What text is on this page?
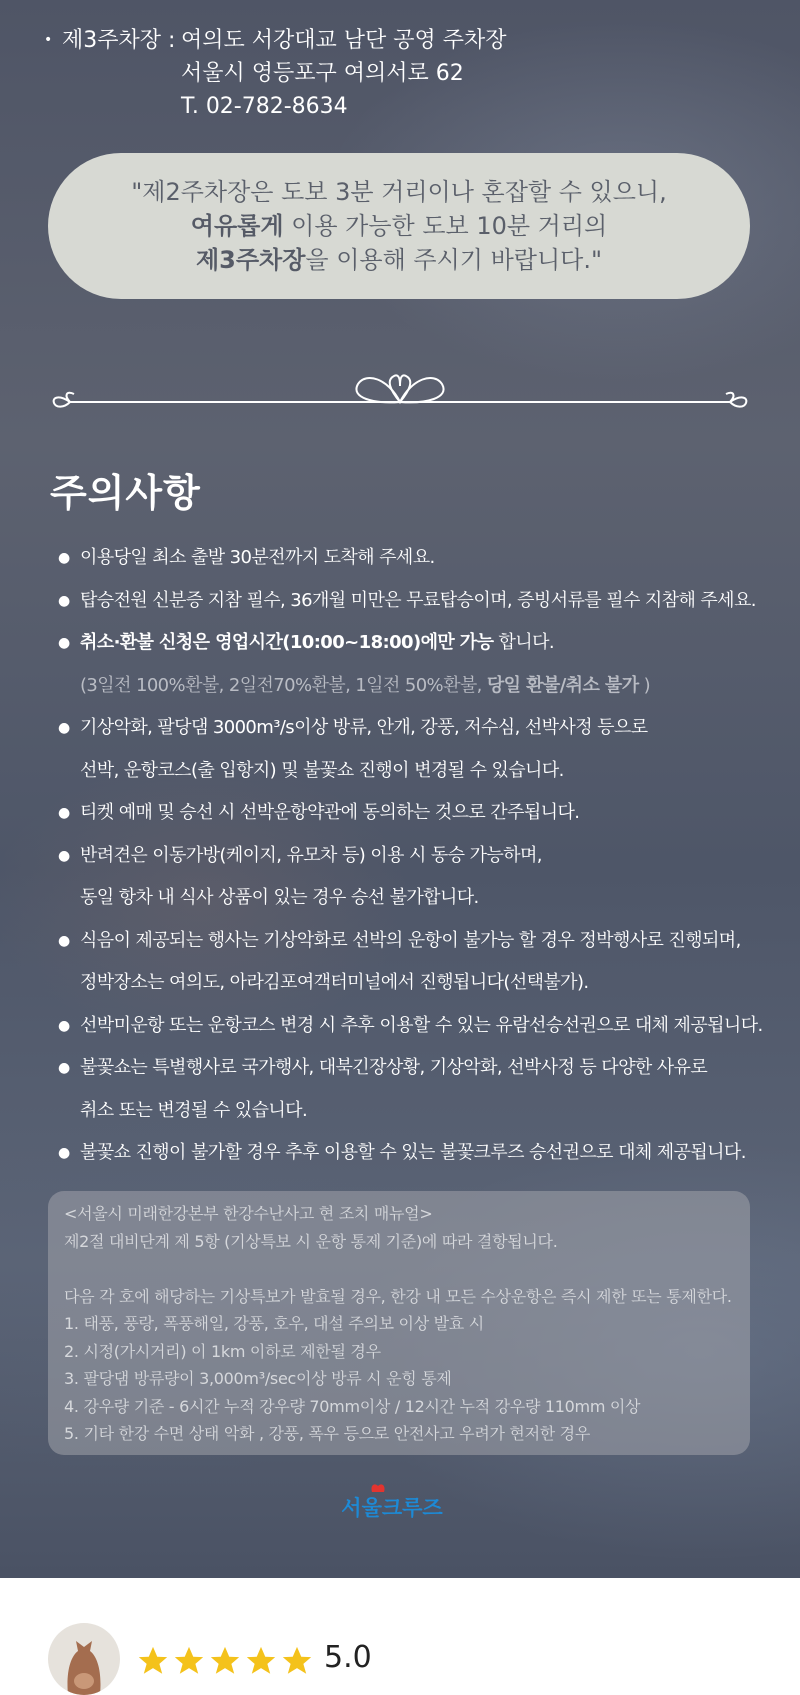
• 제3주차장 : 여의도 서강대교 남단 공영 주차장
서울시 영등포구 여의서로 62
T. 02-782-8634
"제2주차장은 도보 3분 거리이나 혼잡할 수 있으니,
여유롭게 이용 가능한 도보 10분 거리의
제3주차장을 이용해 주시기 바랍니다."
주의사항
● 이용당일 최소 출발 30분전까지 도착해 주세요.
● 탑승전원 신분증 지참 필수, 36개월 미만은 무료탑승이며, 증빙서류를 필수 지참해 주세요.
● 취소·환불 신청은 영업시간(10:00~18:00)에만 가능 합니다.
(3일전 100%환불, 2일전70%환불, 1일전 50%환불, 당일 환불/취소 불가 )
● 기상악화, 팔당댐 3000m³/s이상 방류, 안개, 강풍, 저수심, 선박사정 등으로
선박, 운항코스(출 입항지) 및 불꽃쇼 진행이 변경될 수 있습니다.
● 티켓 예매 및 승선 시 선박운항약관에 동의하는 것으로 간주됩니다.
● 반려견은 이동가방(케이지, 유모차 등) 이용 시 동승 가능하며,
동일 항차 내 식사 상품이 있는 경우 승선 불가합니다.
● 식음이 제공되는 행사는 기상악화로 선박의 운항이 불가능 할 경우 정박행사로 진행되며,
정박장소는 여의도, 아라김포여객터미널에서 진행됩니다(선택불가).
● 선박미운항 또는 운항코스 변경 시 추후 이용할 수 있는 유람선승선권으로 대체 제공됩니다.
● 불꽃쇼는 특별행사로 국가행사, 대북긴장상황, 기상악화, 선박사정 등 다양한 사유로
취소 또는 변경될 수 있습니다.
● 불꽃쇼 진행이 불가할 경우 추후 이용할 수 있는 불꽃크루즈 승선권으로 대체 제공됩니다.
<서울시 미래한강본부 한강수난사고 현 조치 매뉴얼>
제2절 대비단계 제 5항 (기상특보 시 운항 통제 기준)에 따라 결항됩니다.
다음 각 호에 해당하는 기상특보가 발효될 경우, 한강 내 모든 수상운항은 즉시 제한 또는 통제한다.
1. 태풍, 풍랑, 폭풍해일, 강풍, 호우, 대설 주의보 이상 발효 시
2. 시정(가시거리) 이 1km 이하로 제한될 경우
3. 팔당댐 방류량이 3,000m³/sec이상 방류 시 운힝 통제
4. 강우량 기준 - 6시간 누적 강우량 70mm이상 / 12시간 누적 강우량 110mm 이상
5. 기타 한강 수면 상태 악화 , 강풍, 폭우 등으로 안전사고 우려가 현저한 경우
서울크루즈
5.0
